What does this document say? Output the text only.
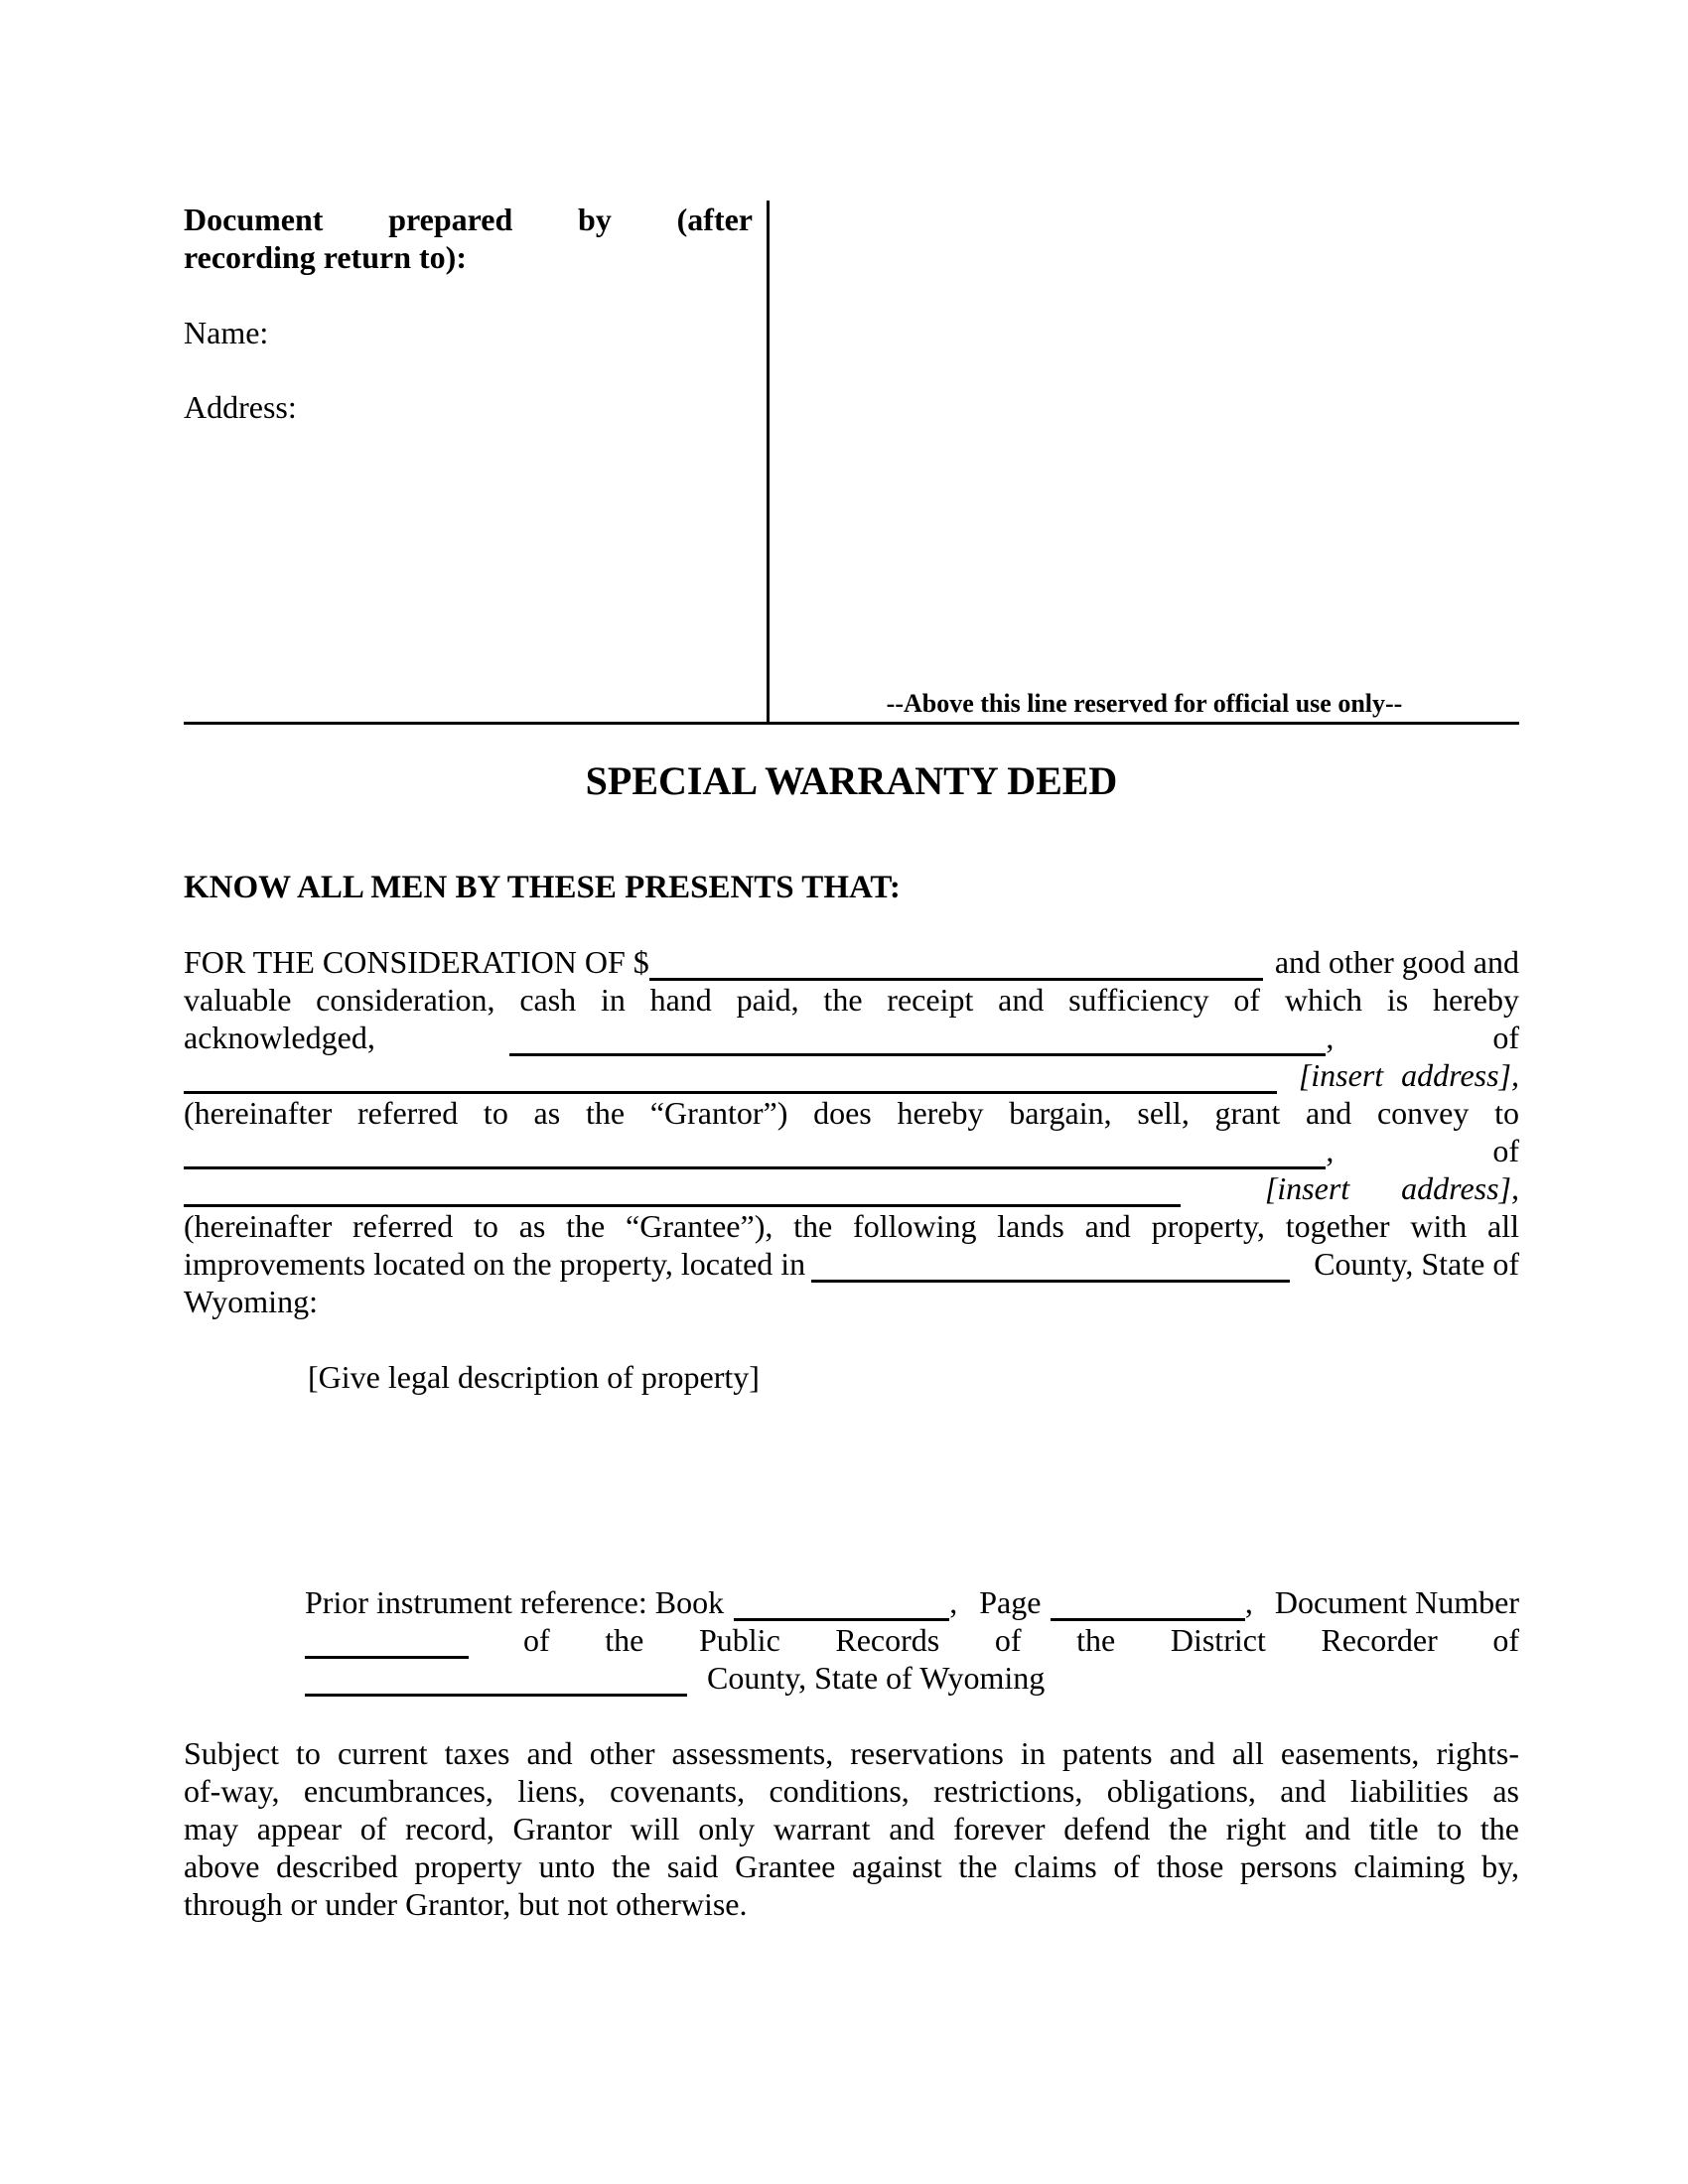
Document prepared by (after
recording return to):
Name:
Address:
--Above this line reserved for official use only--
SPECIAL WARRANTY DEED
KNOW ALL MEN BY THESE PRESENTS THAT:
FOR THE CONSIDERATION OF $	and other good and
valuable consideration, cash in hand paid, the receipt and sufficiency of which is hereby
acknowledged,	,	of
[insert address],
(hereinafter referred to as the “Grantor”) does hereby bargain, sell, grant and convey to
,	of
[insert address],
(hereinafter referred to as the “Grantee”), the following lands and property, together with all
improvements located on the property, located in	County, State of
Wyoming:
[Give legal description of property]
Prior instrument reference: Book	, Page	, Document Number
of the Public Records of the District Recorder of
County, State of Wyoming
Subject to current taxes and other assessments, reservations in patents and all easements, rights-
of-way, encumbrances, liens, covenants, conditions, restrictions, obligations, and liabilities as
may appear of record, Grantor will only warrant and forever defend the right and title to the
above described property unto the said Grantee against the claims of those persons claiming by,
through or under Grantor, but not otherwise.
